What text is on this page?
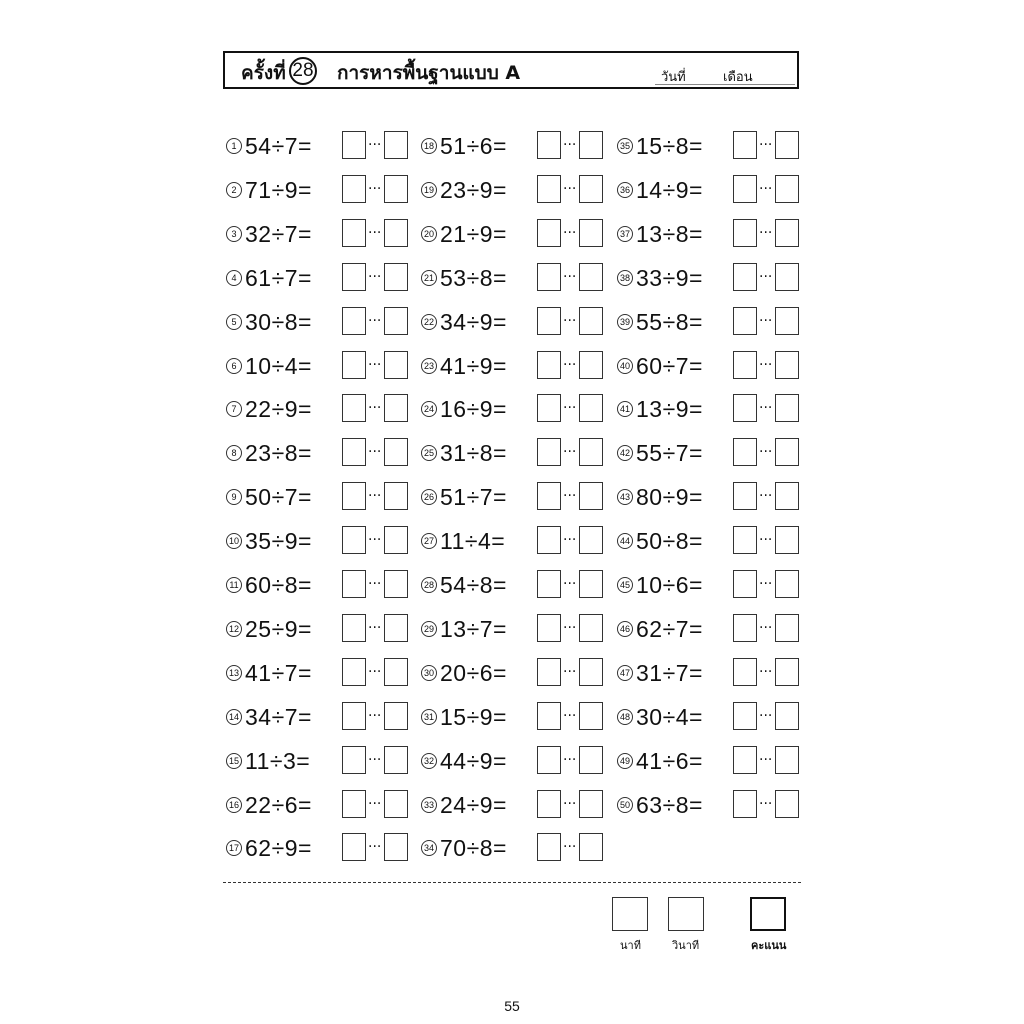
ครั้งที่ 28 การหารพื้นฐานแบบ A	วันที่	เดือน
1 54÷7=	···
2 71÷9=	···
3 32÷7=	···
4 61÷7=	···
5 30÷8=	···
6 10÷4=	···
7 22÷9=	···
8 23÷8=	···
9 50÷7=	···
10 35÷9=	···
11 60÷8=	···
12 25÷9=	···
13 41÷7=	···
14 34÷7=	···
15 11÷3=	···
16 22÷6=	···
17 62÷9=	···
18 51÷6=	···
19 23÷9=	···
20 21÷9=	···
21 53÷8=	···
22 34÷9=	···
23 41÷9=	···
24 16÷9=	···
25 31÷8=	···
26 51÷7=	···
27 11÷4=	···
28 54÷8=	···
29 13÷7=	···
30 20÷6=	···
31 15÷9=	···
32 44÷9=	···
33 24÷9=	···
34 70÷8=	···
35 15÷8=	···
36 14÷9=	···
37 13÷8=	···
38 33÷9=	···
39 55÷8=	···
40 60÷7=	···
41 13÷9=	···
42 55÷7=	···
43 80÷9=	···
44 50÷8=	···
45 10÷6=	···
46 62÷7=	···
47 31÷7=	···
48 30÷4=	···
49 41÷6=	···
50 63÷8=	···
นาที	วินาที	คะแนน
55
